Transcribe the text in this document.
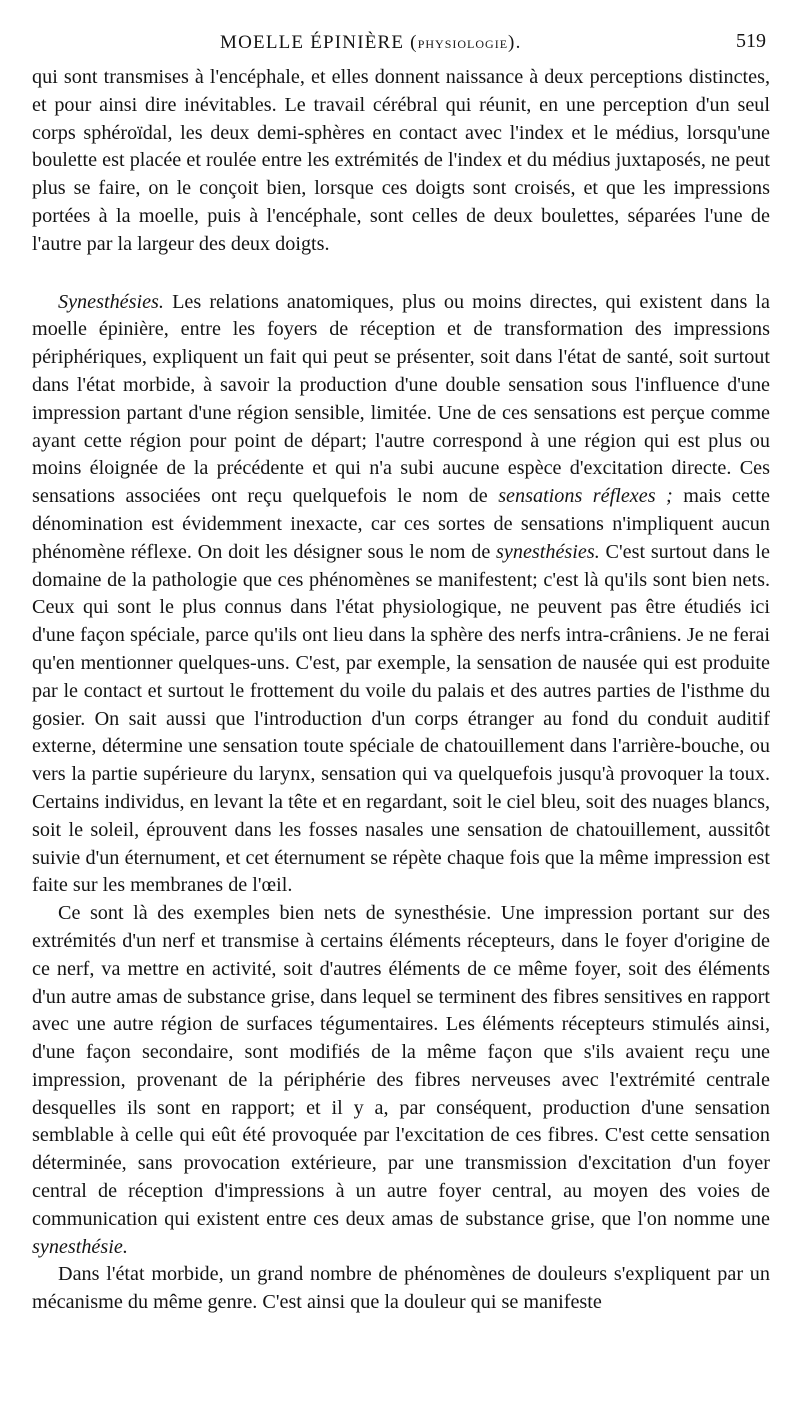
MOELLE ÉPINIÈRE (PHYSIOLOGIE).	519

qui sont transmises à l'encéphale, et elles donnent naissance à deux perceptions distinctes, et pour ainsi dire inévitables. Le travail cérébral qui réunit, en une perception d'un seul corps sphéroïdal, les deux demi-sphères en contact avec l'index et le médius, lorsqu'une boulette est placée et roulée entre les extrémités de l'index et du médius juxtaposés, ne peut plus se faire, on le conçoit bien, lorsque ces doigts sont croisés, et que les impressions portées à la moelle, puis à l'encéphale, sont celles de deux boulettes, séparées l'une de l'autre par la largeur des deux doigts.

Synesthésies. Les relations anatomiques, plus ou moins directes, qui existent dans la moelle épinière, entre les foyers de réception et de transformation des impressions périphériques, expliquent un fait qui peut se présenter, soit dans l'état de santé, soit surtout dans l'état morbide, à savoir la production d'une double sensation sous l'influence d'une impression partant d'une région sensible, limitée. Une de ces sensations est perçue comme ayant cette région pour point de départ; l'autre correspond à une région qui est plus ou moins éloignée de la précédente et qui n'a subi aucune espèce d'excitation directe. Ces sensations associées ont reçu quelquefois le nom de sensations réflexes ; mais cette dénomination est évidemment inexacte, car ces sortes de sensations n'impliquent aucun phénomène réflexe. On doit les désigner sous le nom de synesthésies. C'est surtout dans le domaine de la pathologie que ces phénomènes se manifestent; c'est là qu'ils sont bien nets. Ceux qui sont le plus connus dans l'état physiologique, ne peuvent pas être étudiés ici d'une façon spéciale, parce qu'ils ont lieu dans la sphère des nerfs intra-crâniens. Je ne ferai qu'en mentionner quelques-uns. C'est, par exemple, la sensation de nausée qui est produite par le contact et surtout le frottement du voile du palais et des autres parties de l'isthme du gosier. On sait aussi que l'introduction d'un corps étranger au fond du conduit auditif externe, détermine une sensation toute spéciale de chatouillement dans l'arrière-bouche, ou vers la partie supérieure du larynx, sensation qui va quelquefois jusqu'à provoquer la toux. Certains individus, en levant la tête et en regardant, soit le ciel bleu, soit des nuages blancs, soit le soleil, éprouvent dans les fosses nasales une sensation de chatouillement, aussitôt suivie d'un éternument, et cet éternument se répète chaque fois que la même impression est faite sur les membranes de l'œil.

Ce sont là des exemples bien nets de synesthésie. Une impression portant sur des extrémités d'un nerf et transmise à certains éléments récepteurs, dans le foyer d'origine de ce nerf, va mettre en activité, soit d'autres éléments de ce même foyer, soit des éléments d'un autre amas de substance grise, dans lequel se terminent des fibres sensitives en rapport avec une autre région de surfaces tégumentaires. Les éléments récepteurs stimulés ainsi, d'une façon secondaire, sont modifiés de la même façon que s'ils avaient reçu une impression, provenant de la périphérie des fibres nerveuses avec l'extrémité centrale desquelles ils sont en rapport; et il y a, par conséquent, production d'une sensation semblable à celle qui eût été provoquée par l'excitation de ces fibres. C'est cette sensation déterminée, sans provocation extérieure, par une transmission d'excitation d'un foyer central de réception d'impressions à un autre foyer central, au moyen des voies de communication qui existent entre ces deux amas de substance grise, que l'on nomme une synesthésie.

Dans l'état morbide, un grand nombre de phénomènes de douleurs s'expliquent par un mécanisme du même genre. C'est ainsi que la douleur qui se manifeste
